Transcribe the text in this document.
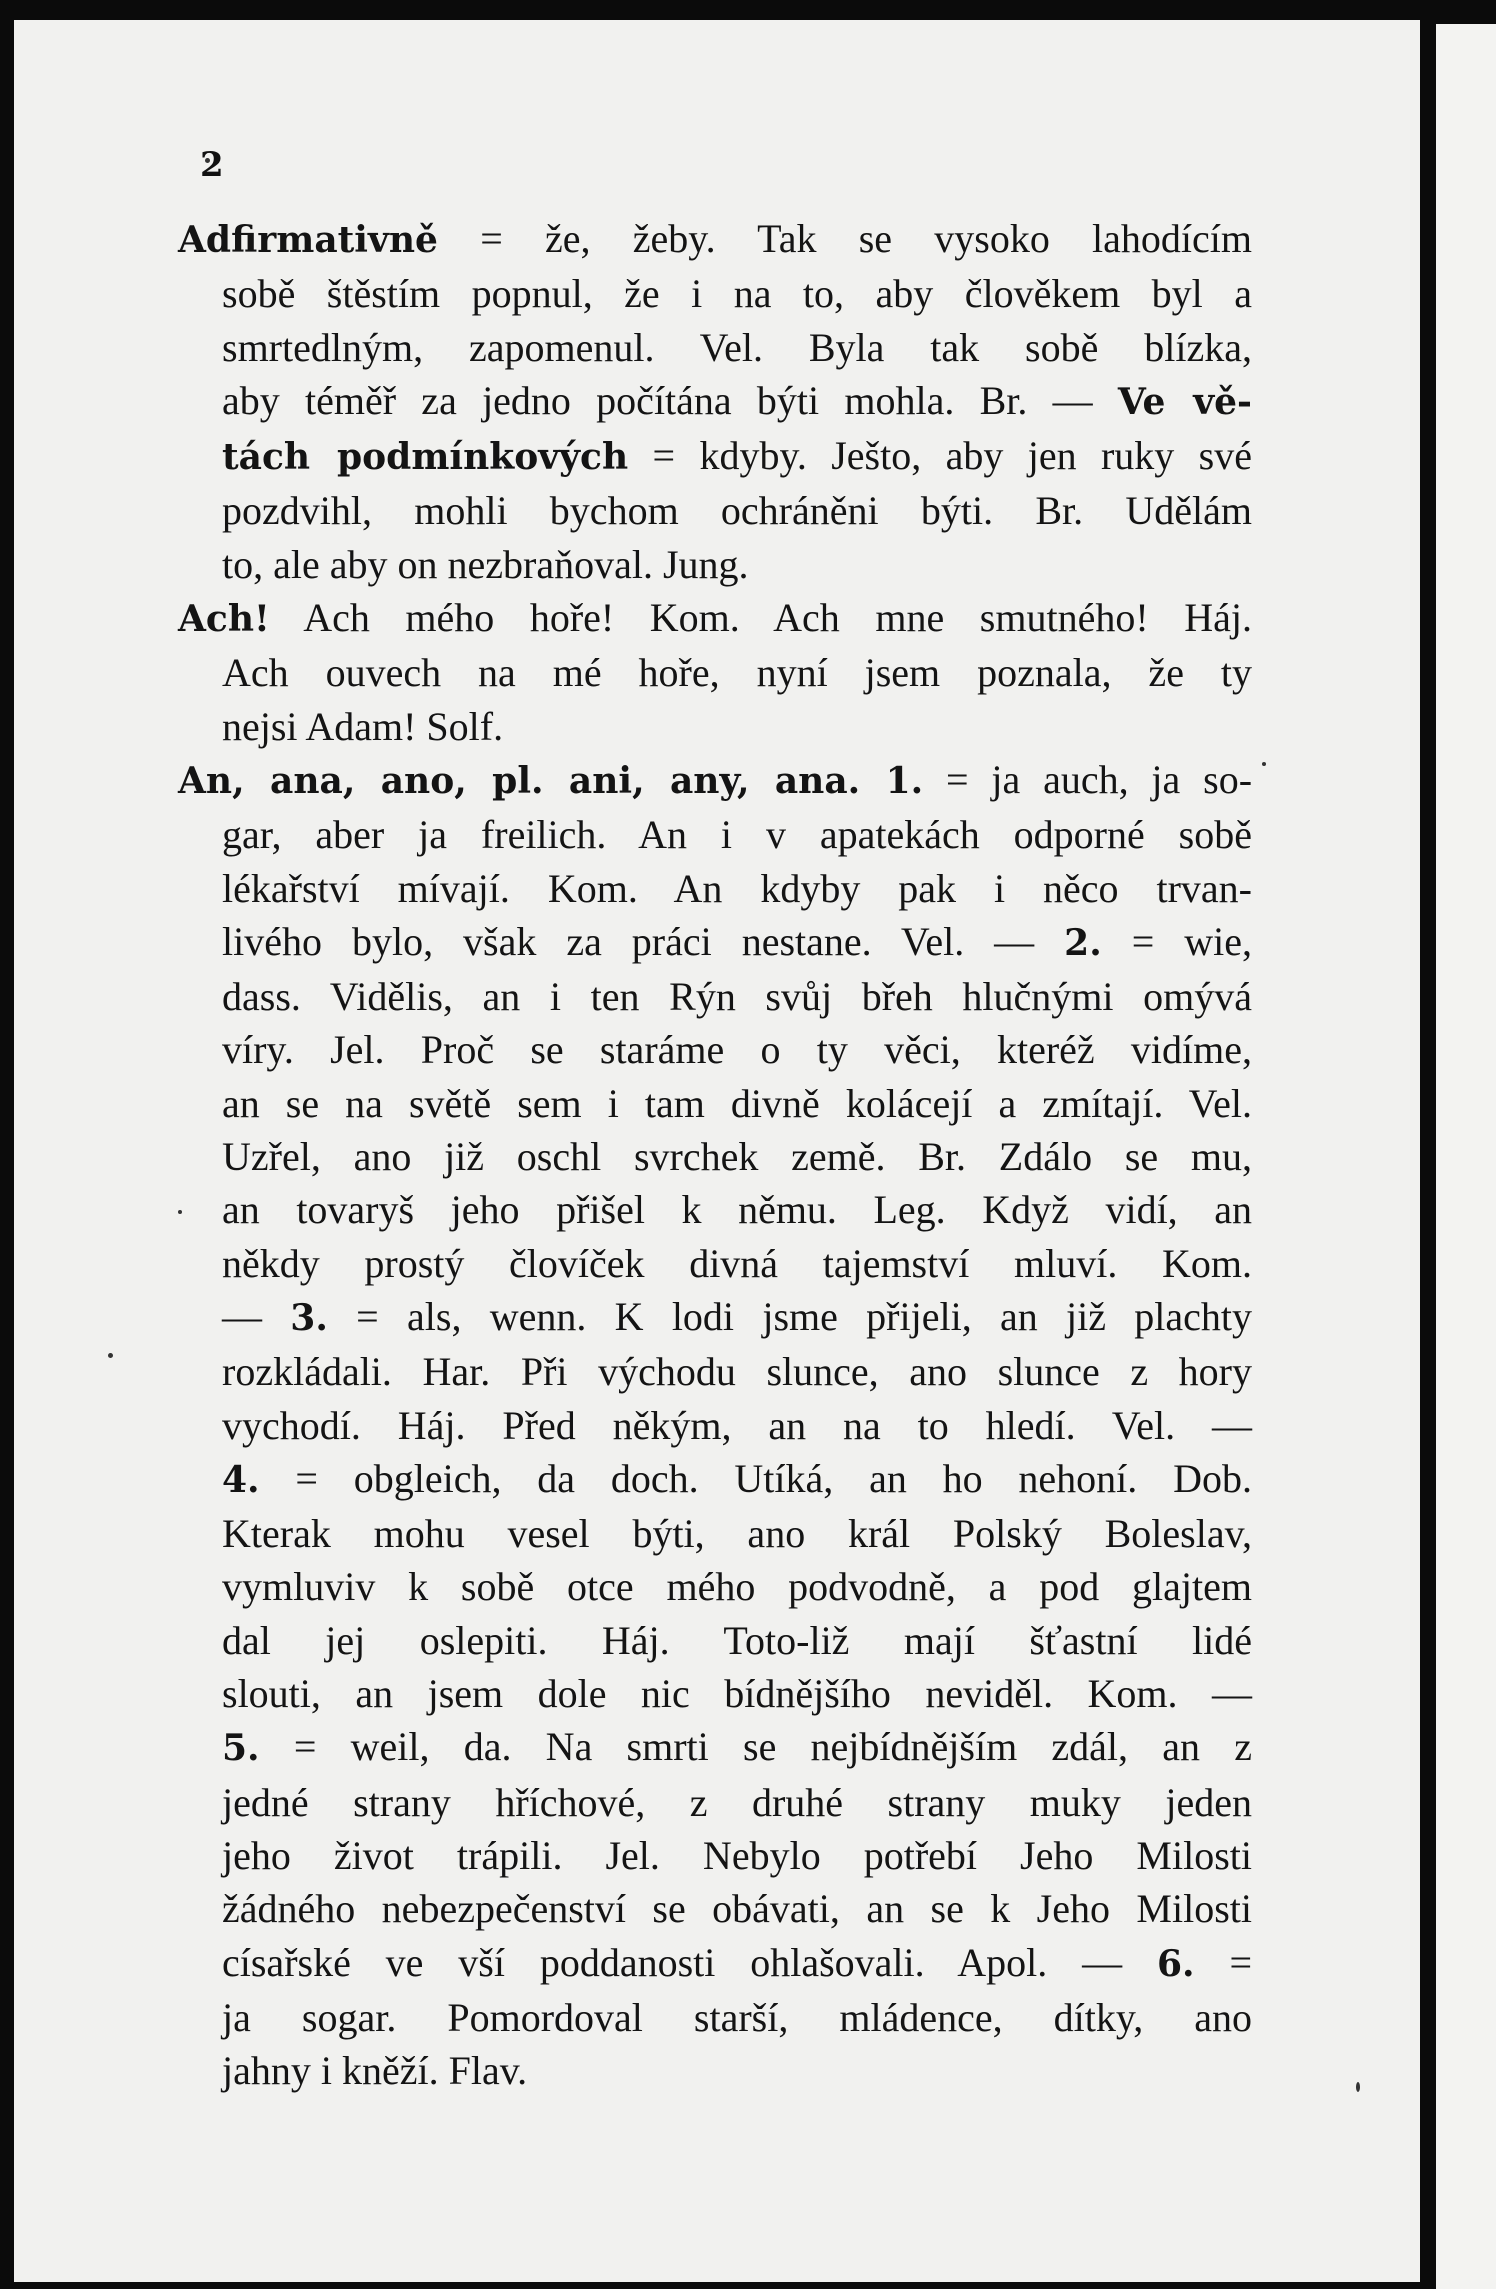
2
Adfirmativně = že, žeby. Tak se vysoko lahodícím
sobě štěstím popnul, že i na to, aby člověkem byl a
smrtedlným, zapomenul. Vel. Byla tak sobě blízka,
aby téměř za jedno počítána býti mohla. Br. — Ve vě-
tách podmínkových = kdyby. Ješto, aby jen ruky své
pozdvihl, mohli bychom ochráněni býti. Br. Udělám
to, ale aby on nezbraňoval. Jung.
Ach! Ach mého hoře! Kom. Ach mne smutného! Háj.
Ach ouvech na mé hoře, nyní jsem poznala, že ty
nejsi Adam! Solf.
An, ana, ano, pl. ani, any, ana. 1. = ja auch, ja so-
gar, aber ja freilich. An i v apatekách odporné sobě
lékařství mívají. Kom. An kdyby pak i něco trvan-
livého bylo, však za práci nestane. Vel. — 2. = wie,
dass. Vidělis, an i ten Rýn svůj břeh hlučnými omývá
víry. Jel. Proč se staráme o ty věci, kteréž vidíme,
an se na světě sem i tam divně kolácejí a zmítají. Vel.
Uzřel, ano již oschl svrchek země. Br. Zdálo se mu,
an tovaryš jeho přišel k němu. Leg. Když vidí, an
někdy prostý človíček divná tajemství mluví. Kom.
— 3. = als, wenn. K lodi jsme přijeli, an již plachty
rozkládali. Har. Při východu slunce, ano slunce z hory
vychodí. Háj. Před někým, an na to hledí. Vel. —
4. = obgleich, da doch. Utíká, an ho nehoní. Dob.
Kterak mohu vesel býti, ano král Polský Boleslav,
vymluviv k sobě otce mého podvodně, a pod glajtem
dal jej oslepiti. Háj. Toto-liž mají šťastní lidé
slouti, an jsem dole nic bídnějšího neviděl. Kom. —
5. = weil, da. Na smrti se nejbídnějším zdál, an z
jedné strany hříchové, z druhé strany muky jeden
jeho život trápili. Jel. Nebylo potřebí Jeho Milosti
žádného nebezpečenství se obávati, an se k Jeho Milosti
císařské ve vší poddanosti ohlašovali. Apol. — 6. =
ja sogar. Pomordoval starší, mládence, dítky, ano
jahny i kněží. Flav.
